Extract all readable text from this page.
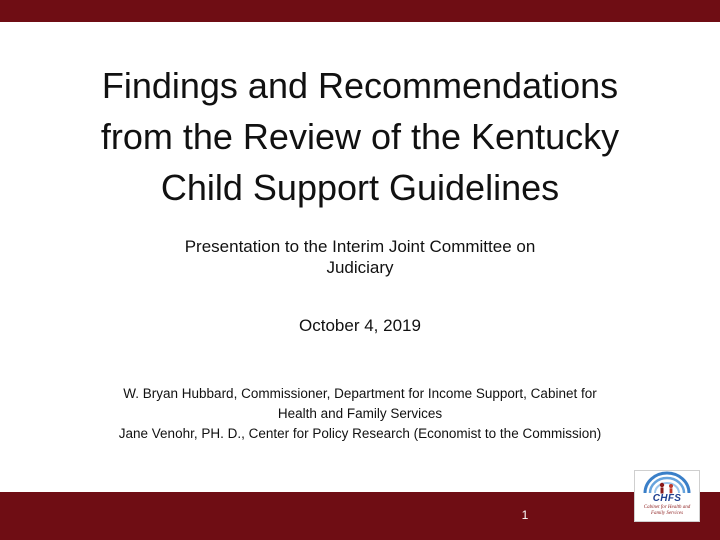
Findings and Recommendations
from the Review of the Kentucky
Child Support Guidelines
Presentation to the Interim Joint Committee on
Judiciary
October 4, 2019
W. Bryan Hubbard, Commissioner, Department for Income Support, Cabinet for
Health and Family Services
Jane Venohr, PH. D., Center for Policy Research (Economist to the Commission)
1
CHFS
Cabinet for Health and
Family Services
